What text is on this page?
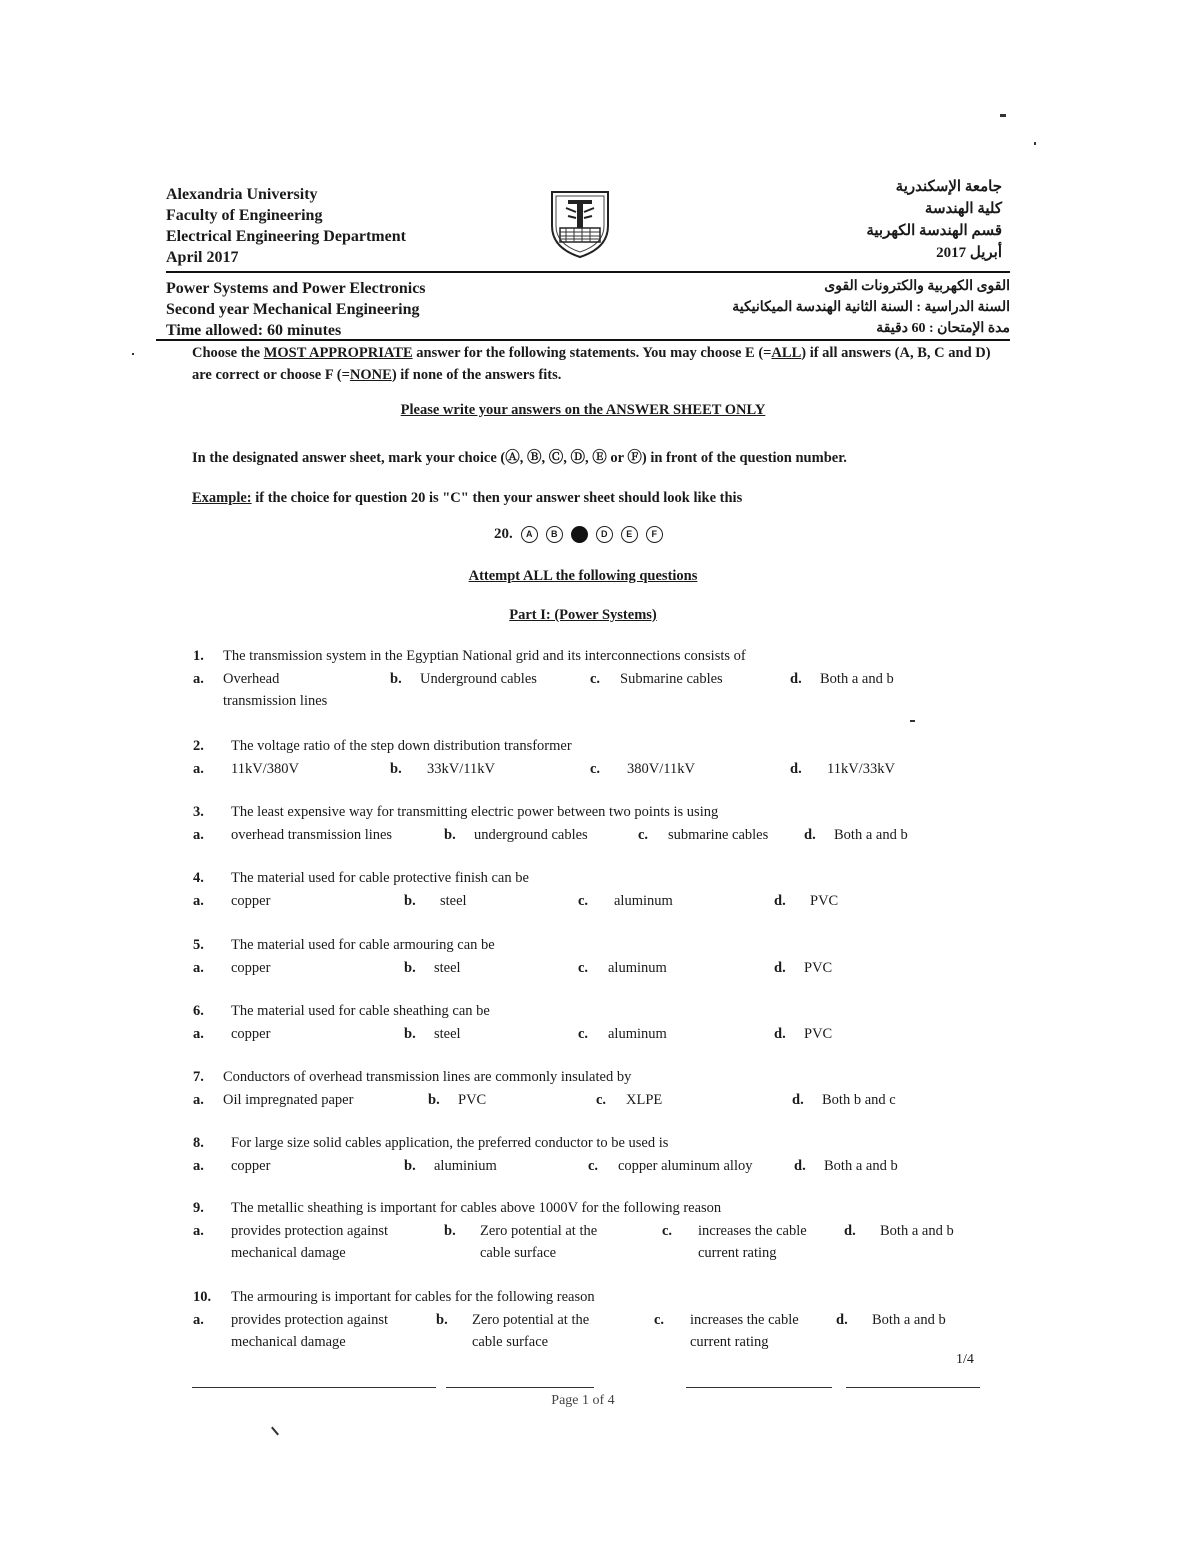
Alexandria University
Faculty of Engineering
Electrical Engineering Department
April 2017
جامعة الإسكندرية
كلية الهندسة
قسم الهندسة الكهربية
أبريل 2017
Power Systems and Power Electronics
Second year Mechanical Engineering
Time allowed: 60 minutes
القوى الكهربية والكترونات القوى
السنة الدراسية : السنة الثانية الهندسة الميكانيكية
مدة الإمتحان : 60 دقيقة
Choose the MOST APPROPRIATE answer for the following statements. You may choose E (=ALL) if all answers (A, B, C and D) are correct or choose F (=NONE) if none of the answers fits.
Please write your answers on the ANSWER SHEET ONLY
In the designated answer sheet, mark your choice (Ⓐ, Ⓑ, Ⓒ, Ⓓ, Ⓔ or Ⓕ) in front of the question number.
Example: if the choice for question 20 is "C" then your answer sheet should look like this
20.	A	B	D	E	F
Attempt ALL the following questions
Part I: (Power Systems)
1. The transmission system in the Egyptian National grid and its interconnections consists of
a. Overhead	b. Underground cables	c. Submarine cables	d. Both a and b
transmission lines
2. The voltage ratio of the step down distribution transformer
a. 11kV/380V	b. 33kV/11kV	c. 380V/11kV	d. 11kV/33kV
3. The least expensive way for transmitting electric power between two points is using
a. overhead transmission lines	b. underground cables	c. submarine cables d. Both a and b
4. The material used for cable protective finish can be
a. copper	b. steel	c. aluminum	d. PVC
5. The material used for cable armouring can be
a. copper	b. steel	c. aluminum	d. PVC
6. The material used for cable sheathing can be
a. copper	b. steel	c. aluminum	d. PVC
7. Conductors of overhead transmission lines are commonly insulated by
a. Oil impregnated paper	b. PVC	c. XLPE	d. Both b and c
8. For large size solid cables application, the preferred conductor to be used is
a. copper	b. aluminium	c. copper aluminum alloy	d. Both a and b
9. The metallic sheathing is important for cables above 1000V for the following reason
a. provides protection against
mechanical damage
b. Zero potential at the
cable surface
c. increases the cable
current rating
d. Both a and b
10. The armouring is important for cables for the following reason
a. provides protection against
mechanical damage
b. Zero potential at the
cable surface
c. increases the cable
current rating
d. Both a and b
1/4
Page 1 of 4
